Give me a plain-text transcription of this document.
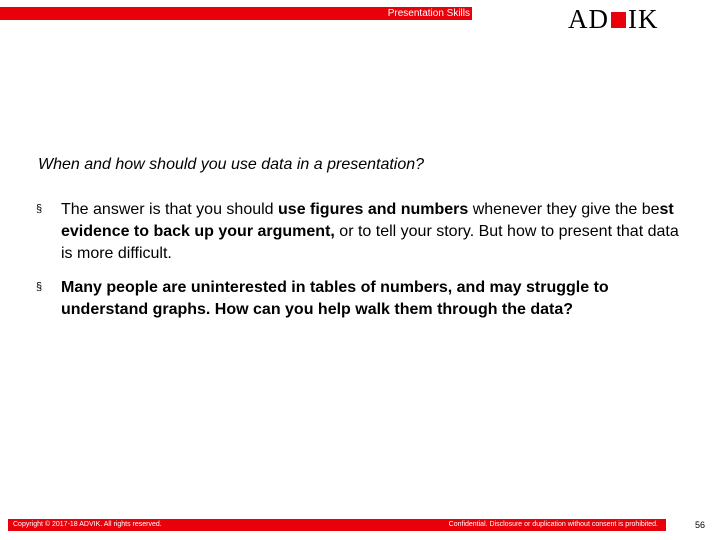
Presentation Skills	AD IK
When and how should you use data in a presentation?
§ The answer is that you should use figures and numbers whenever they give the best evidence to back up your argument, or to tell your story. But how to present that data is more difficult.
§ Many people are uninterested in tables of numbers, and may struggle to understand graphs. How can you help walk them through the data?
Copyright © 2017-18 ADVIK. All rights reserved.	Confidential. Disclosure or duplication without consent is prohibited.	56
